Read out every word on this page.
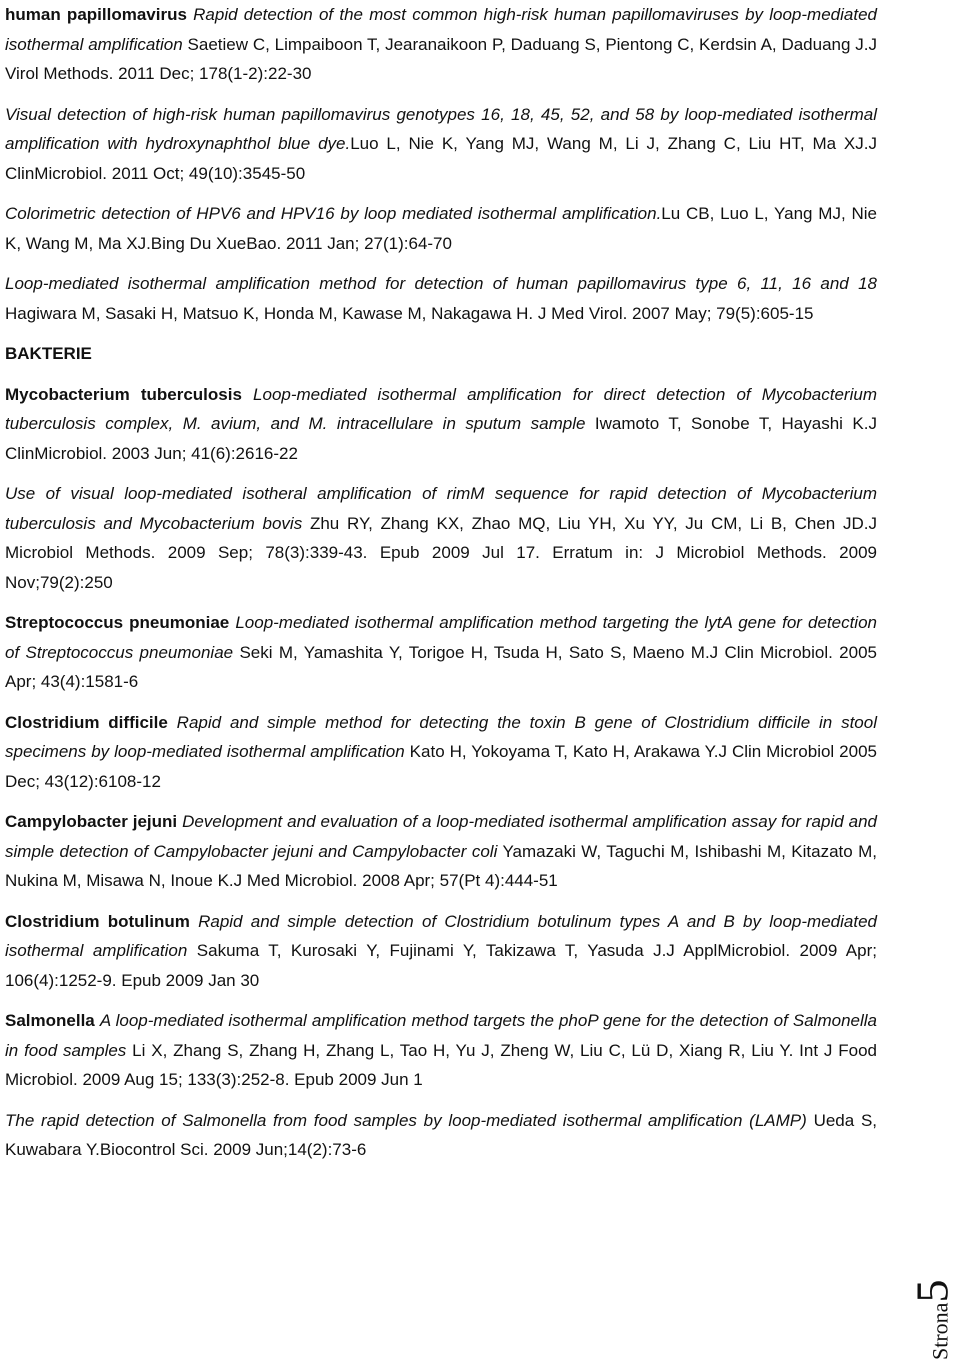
human papillomavirus Rapid detection of the most common high-risk human papillomaviruses by loop-mediated isothermal amplification Saetiew C, Limpaiboon T, Jearanaikoon P, Daduang S, Pientong C, Kerdsin A, Daduang J.J Virol Methods. 2011 Dec; 178(1-2):22-30

Visual detection of high-risk human papillomavirus genotypes 16, 18, 45, 52, and 58 by loop-mediated isothermal amplification with hydroxynaphthol blue dye.Luo L, Nie K, Yang MJ, Wang M, Li J, Zhang C, Liu HT, Ma XJ.J ClinMicrobiol. 2011 Oct; 49(10):3545-50

Colorimetric detection of HPV6 and HPV16 by loop mediated isothermal amplification.Lu CB, Luo L, Yang MJ, Nie K, Wang M, Ma XJ.Bing Du XueBao. 2011 Jan; 27(1):64-70

Loop-mediated isothermal amplification method for detection of human papillomavirus type 6, 11, 16 and 18 Hagiwara M, Sasaki H, Matsuo K, Honda M, Kawase M, Nakagawa H. J Med Virol. 2007 May; 79(5):605-15

BAKTERIE

Mycobacterium tuberculosis Loop-mediated isothermal amplification for direct detection of Mycobacterium tuberculosis complex, M. avium, and M. intracellulare in sputum sample Iwamoto T, Sonobe T, Hayashi K.J ClinMicrobiol. 2003 Jun; 41(6):2616-22

Use of visual loop-mediated isotheral amplification of rimM sequence for rapid detection of Mycobacterium tuberculosis and Mycobacterium bovis Zhu RY, Zhang KX, Zhao MQ, Liu YH, Xu YY, Ju CM, Li B, Chen JD.J Microbiol Methods. 2009 Sep; 78(3):339-43. Epub 2009 Jul 17. Erratum in: J Microbiol Methods. 2009 Nov;79(2):250

Streptococcus pneumoniae Loop-mediated isothermal amplification method targeting the lytA gene for detection of Streptococcus pneumoniae Seki M, Yamashita Y, Torigoe H, Tsuda H, Sato S, Maeno M.J Clin Microbiol. 2005 Apr; 43(4):1581-6

Clostridium difficile Rapid and simple method for detecting the toxin B gene of Clostridium difficile in stool specimens by loop-mediated isothermal amplification Kato H, Yokoyama T, Kato H, Arakawa Y.J Clin Microbiol 2005 Dec; 43(12):6108-12

Campylobacter jejuni Development and evaluation of a loop-mediated isothermal amplification assay for rapid and simple detection of Campylobacter jejuni and Campylobacter coli Yamazaki W, Taguchi M, Ishibashi M, Kitazato M, Nukina M, Misawa N, Inoue K.J Med Microbiol. 2008 Apr; 57(Pt 4):444-51

Clostridium botulinum Rapid and simple detection of Clostridium botulinum types A and B by loop-mediated isothermal amplification Sakuma T, Kurosaki Y, Fujinami Y, Takizawa T, Yasuda J.J ApplMicrobiol. 2009 Apr; 106(4):1252-9. Epub 2009 Jan 30

Salmonella A loop-mediated isothermal amplification method targets the phoP gene for the detection of Salmonella in food samples Li X, Zhang S, Zhang H, Zhang L, Tao H, Yu J, Zheng W, Liu C, Lü D, Xiang R, Liu Y. Int J Food Microbiol. 2009 Aug 15; 133(3):252-8. Epub 2009 Jun 1

The rapid detection of Salmonella from food samples by loop-mediated isothermal amplification (LAMP) Ueda S, Kuwabara Y.Biocontrol Sci. 2009 Jun;14(2):73-6

Strona5
